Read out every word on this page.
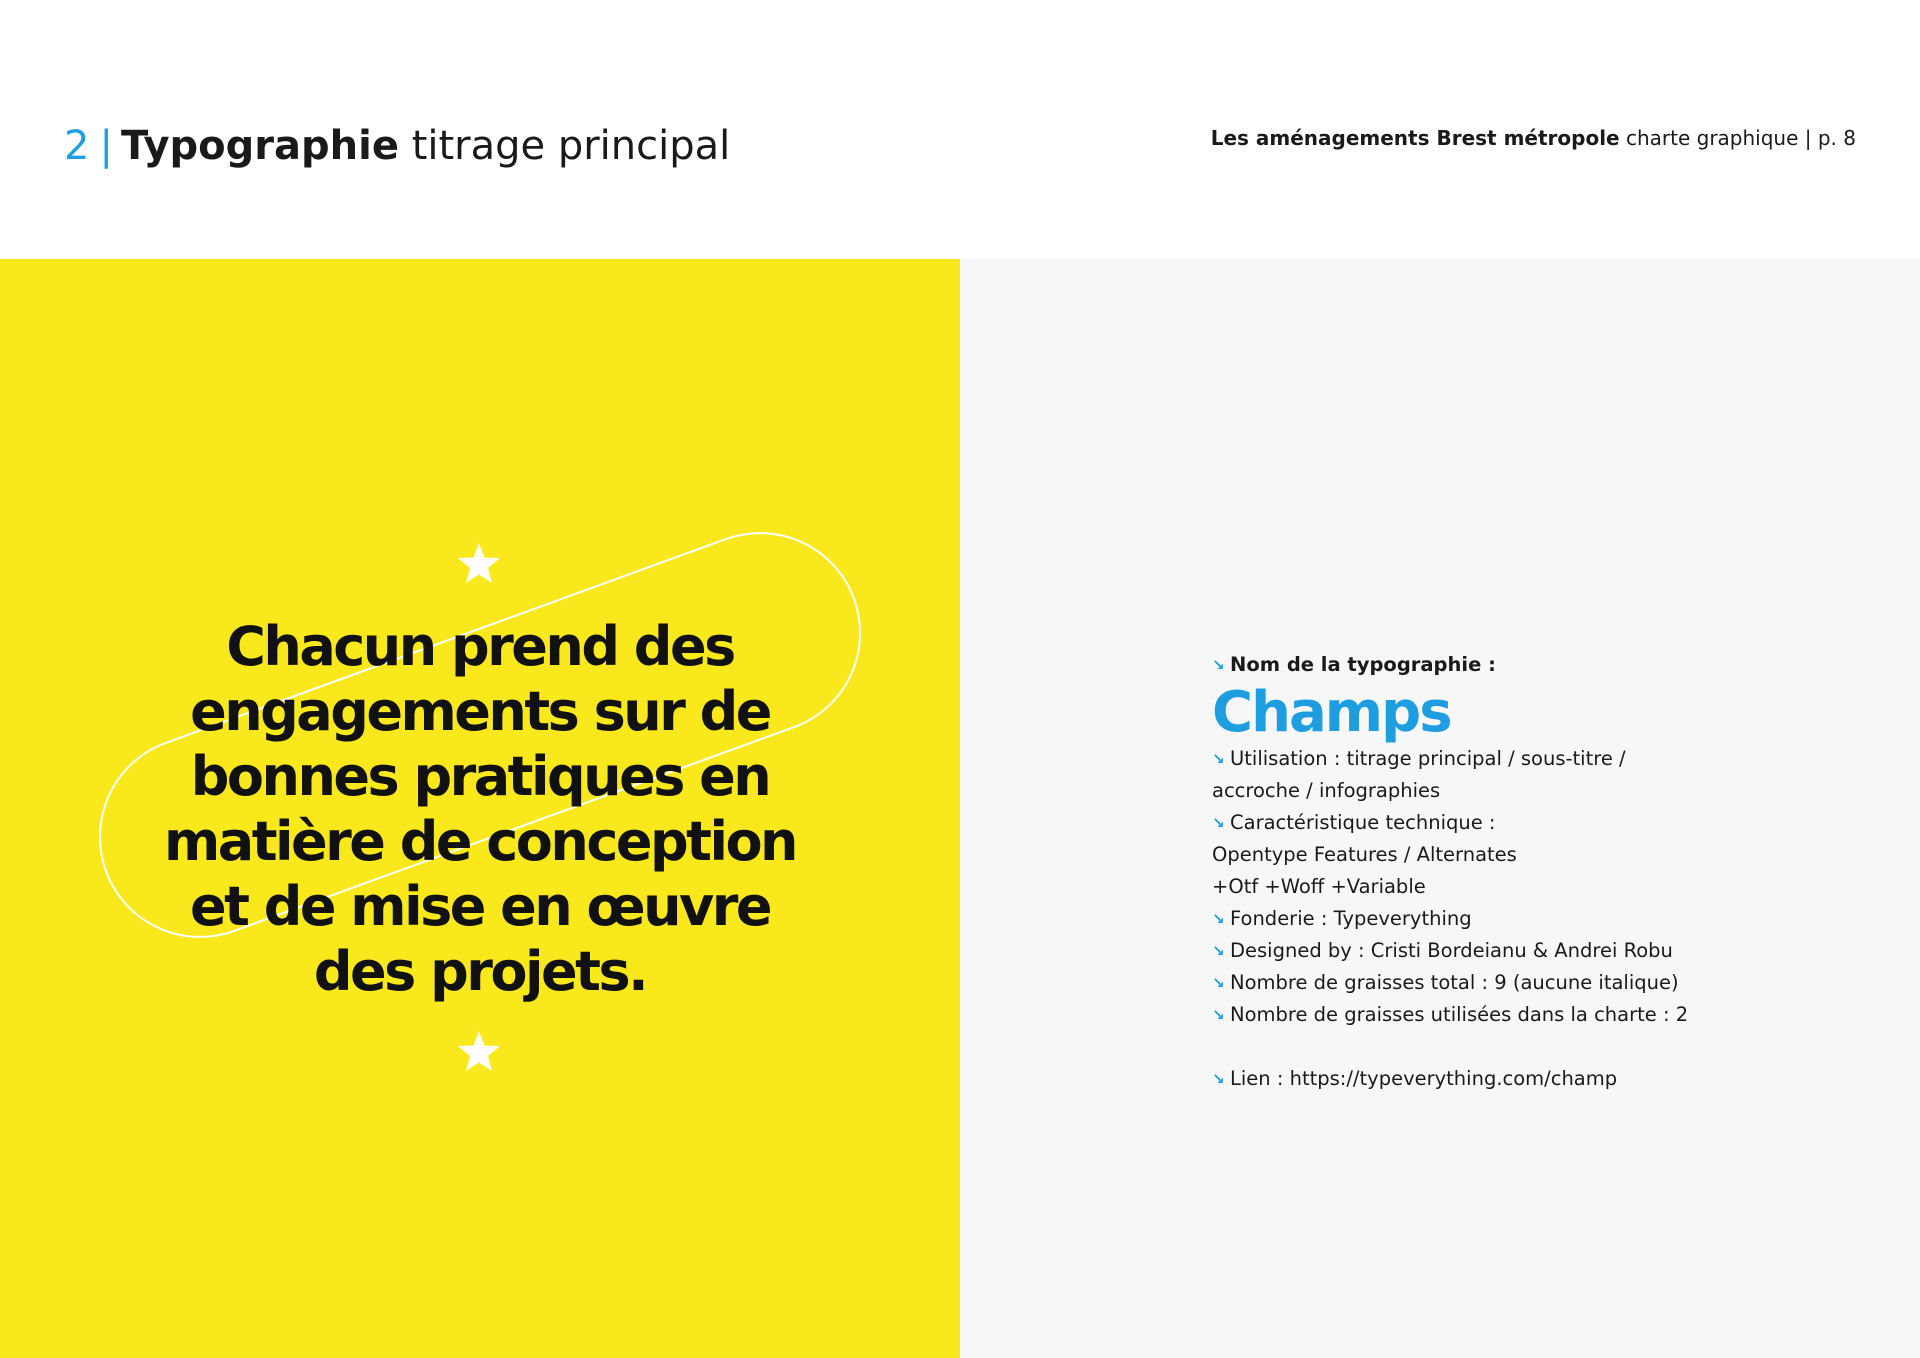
2 | Typographie titrage principal	Les aménagements Brest métropole charte graphique | p. 8
Chacun prend des
engagements sur de
bonnes pratiques en
matière de conception
et de mise en œuvre
des projets.
↘ Nom de la typographie :
Champs
↘ Utilisation : titrage principal / sous-titre /
accroche / infographies
↘ Caractéristique technique :
Opentype Features / Alternates
+Otf +Woff +Variable
↘ Fonderie : Typeverything
↘ Designed by : Cristi Bordeianu & Andrei Robu
↘ Nombre de graisses total : 9 (aucune italique)
↘ Nombre de graisses utilisées dans la charte : 2
↘ Lien : https://typeverything.com/champ
